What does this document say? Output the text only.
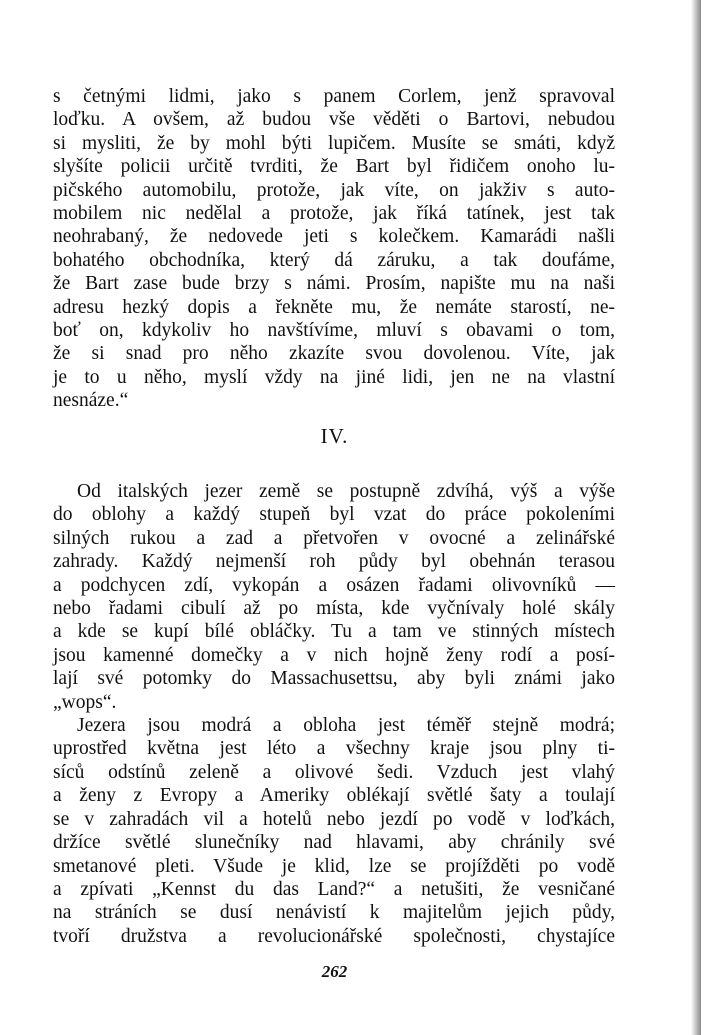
s četnými lidmi, jako s panem Corlem, jenž spravoval
loďku. A ovšem, až budou vše věděti o Bartovi, nebudou
si mysliti, že by mohl býti lupičem. Musíte se smáti, když
slyšíte policii určitě tvrditi, že Bart byl řidičem onoho lu-
pičského automobilu, protože, jak víte, on jakživ s auto-
mobilem nic nedělal a protože, jak říká tatínek, jest tak
neohrabaný, že nedovede jeti s kolečkem. Kamarádi našli
bohatého obchodníka, který dá záruku, a tak doufáme,
že Bart zase bude brzy s námi. Prosím, napište mu na naši
adresu hezký dopis a řekněte mu, že nemáte starostí, ne-
boť on, kdykoliv ho navštívíme, mluví s obavami o tom,
že si snad pro něho zkazíte svou dovolenou. Víte, jak
je to u něho, myslí vždy na jiné lidi, jen ne na vlastní
nesnáze.“
IV.
Od italských jezer země se postupně zdvíhá, výš a výše
do oblohy a každý stupeň byl vzat do práce pokoleními
silných rukou a zad a přetvořen v ovocné a zelinářské
zahrady. Každý nejmenší roh půdy byl obehnán terasou
a podchycen zdí, vykopán a osázen řadami olivovníků —
nebo řadami cibulí až po místa, kde vyčnívaly holé skály
a kde se kupí bílé obláčky. Tu a tam ve stinných místech
jsou kamenné domečky a v nich hojně ženy rodí a posí-
lají své potomky do Massachusettsu, aby byli známi jako
„wops“.
Jezera jsou modrá a obloha jest téměř stejně modrá;
uprostřed května jest léto a všechny kraje jsou plny ti-
síců odstínů zeleně a olivové šedi. Vzduch jest vlahý
a ženy z Evropy a Ameriky oblékají světlé šaty a toulají
se v zahradách vil a hotelů nebo jezdí po vodě v loďkách,
držíce světlé slunečníky nad hlavami, aby chránily své
smetanové pleti. Všude je klid, lze se projížděti po vodě
a zpívati „Kennst du das Land?“ a netušiti, že vesničané
na stráních se dusí nenávistí k majitelům jejich půdy,
tvoří družstva a revolucionářské společnosti, chystajíce
262
